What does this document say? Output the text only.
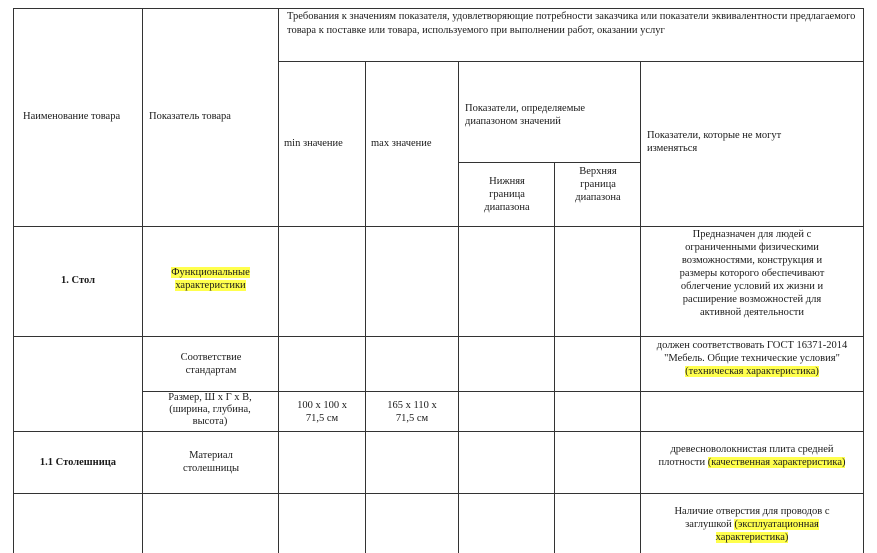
Наименование товара	Показатель товара
Требования к значениям показателя, удовлетворяющие потребности заказчика или показатели эквивалентности предлагаемого товара к поставке или товара, используемого при выполнении работ, оказании услуг
min значение	max значение
Показатели, определяемые диапазоном значений
Нижняя граница диапазона
Верхняя граница диапазона
Показатели, которые не могут изменяться
1. Стол
Функциональные характеристики
Предназначен для людей с ограниченными физическими возможностями, конструкция и размеры которого обеспечивают облегчение условий их жизни и расширение возможностей для активной деятельности
Соответствие стандартам
должен соответствовать ГОСТ 16371-2014 "Мебель. Общие технические условия" (техническая характеристика)
Размер, Ш х Г х В, (ширина, глубина, высота)
100 х 100 х 71,5 см
165 х 110 х 71,5 см
1.1 Столешница
Материал столешницы
древесноволокнистая плита средней плотности (качественная характеристика)
Наличие отверстия для проводов с заглушкой (эксплуатационная характеристика)
